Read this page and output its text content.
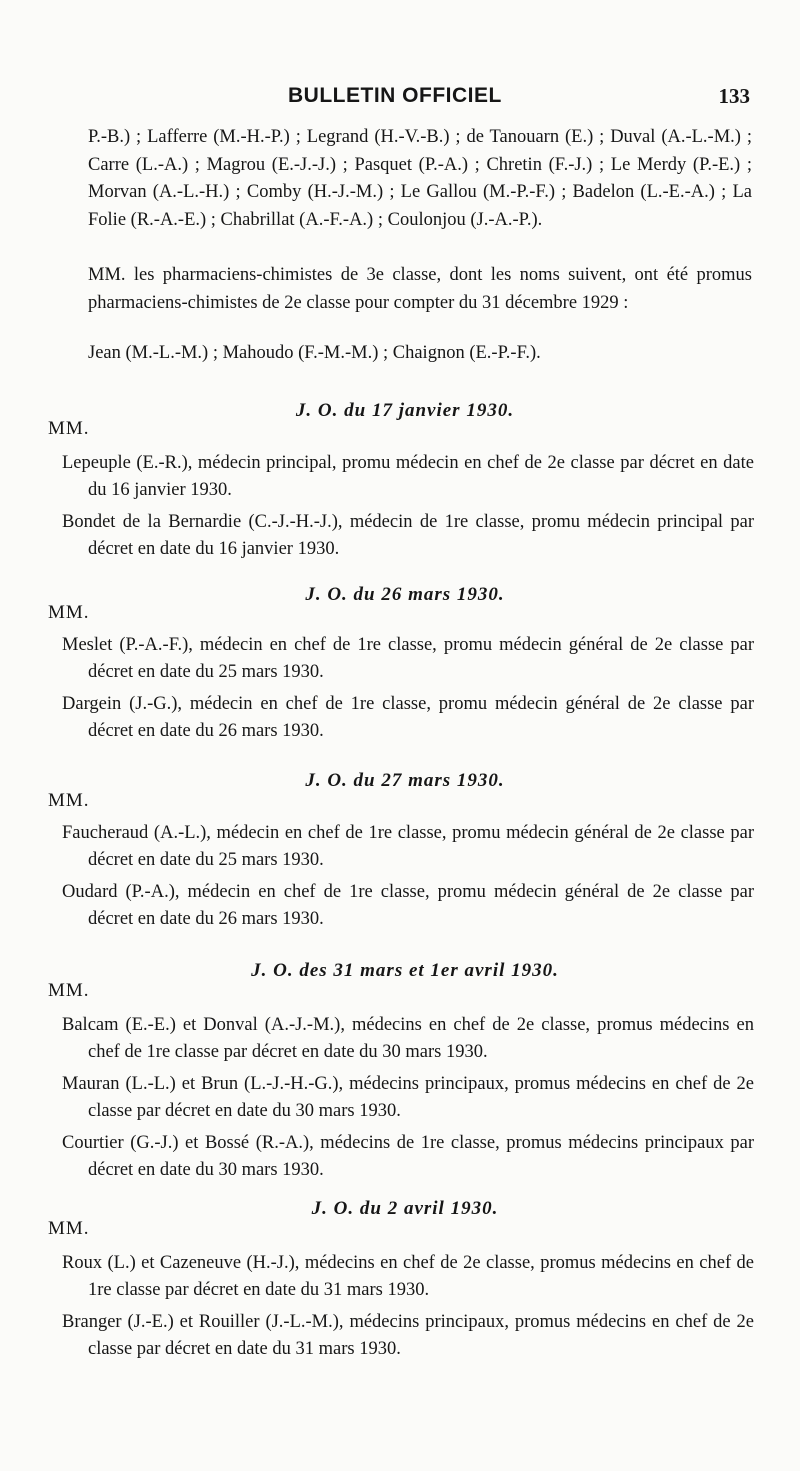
BULLETIN OFFICIEL	133
P.-B.) ; Lafferre (M.-H.-P.) ; Legrand (H.-V.-B.) ; de Tanouarn (E.) ; Duval (A.-L.-M.) ; Carre (L.-A.) ; Magrou (E.-J.-J.) ; Pasquet (P.-A.) ; Chretin (F.-J.) ; Le Merdy (P.-E.) ; Morvan (A.-L.-H.) ; Comby (H.-J.-M.) ; Le Gallou (M.-P.-F.) ; Badelon (L.-E.-A.) ; La Folie (R.-A.-E.) ; Chabrillat (A.-F.-A.) ; Coulonjou (J.-A.-P.).
MM. les pharmaciens-chimistes de 3e classe, dont les noms suivent, ont été promus pharmaciens-chimistes de 2e classe pour compter du 31 décembre 1929 :
Jean (M.-L.-M.) ; Mahoudo (F.-M.-M.) ; Chaignon (E.-P.-F.).
J. O. du 17 janvier 1930.
MM.

Lepeuple (E.-R.), médecin principal, promu médecin en chef de 2e classe par décret en date du 16 janvier 1930.

Bondet de la Bernardie (C.-J.-H.-J.), médecin de 1re classe, promu médecin principal par décret en date du 16 janvier 1930.

J. O. du 26 mars 1930.
MM.

Meslet (P.-A.-F.), médecin en chef de 1re classe, promu médecin général de 2e classe par décret en date du 25 mars 1930.

Dargein (J.-G.), médecin en chef de 1re classe, promu médecin général de 2e classe par décret en date du 26 mars 1930.

J. O. du 27 mars 1930.
MM.

Faucheraud (A.-L.), médecin en chef de 1re classe, promu médecin général de 2e classe par décret en date du 25 mars 1930.

Oudard (P.-A.), médecin en chef de 1re classe, promu médecin général de 2e classe par décret en date du 26 mars 1930.

J. O. des 31 mars et 1er avril 1930.
MM.

Balcam (E.-E.) et Donval (A.-J.-M.), médecins en chef de 2e classe, promus médecins en chef de 1re classe par décret en date du 30 mars 1930.

Mauran (L.-L.) et Brun (L.-J.-H.-G.), médecins principaux, promus médecins en chef de 2e classe par décret en date du 30 mars 1930.

Courtier (G.-J.) et Bossé (R.-A.), médecins de 1re classe, promus médecins principaux par décret en date du 30 mars 1930.

J. O. du 2 avril 1930.
MM.

Roux (L.) et Cazeneuve (H.-J.), médecins en chef de 2e classe, promus médecins en chef de 1re classe par décret en date du 31 mars 1930.

Branger (J.-E.) et Rouiller (J.-L.-M.), médecins principaux, promus médecins en chef de 2e classe par décret en date du 31 mars 1930.
